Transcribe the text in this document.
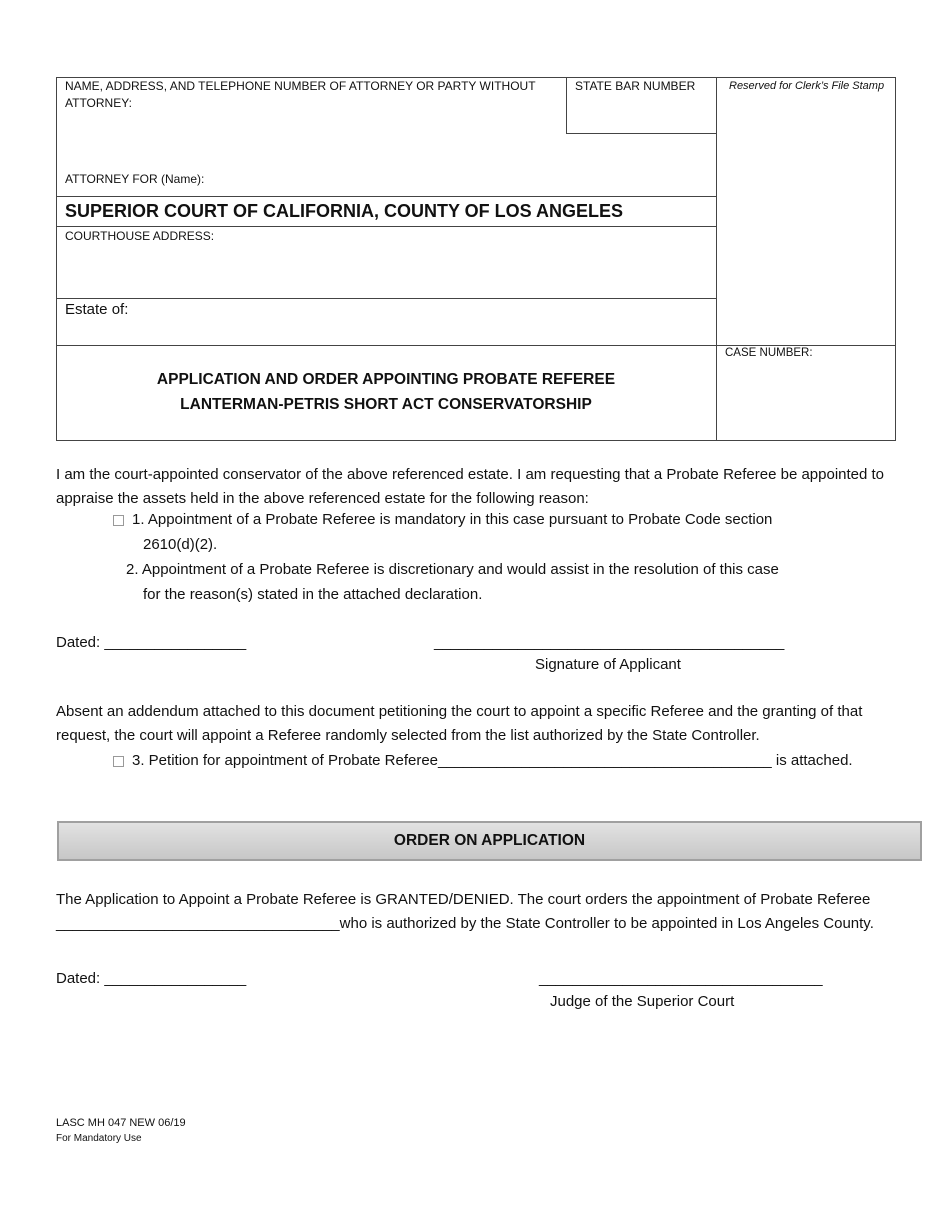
NAME, ADDRESS, AND TELEPHONE NUMBER OF ATTORNEY OR PARTY WITHOUT ATTORNEY:
STATE BAR NUMBER	Reserved for Clerk’s File Stamp
ATTORNEY FOR (Name):
SUPERIOR COURT OF CALIFORNIA, COUNTY OF LOS ANGELES
COURTHOUSE ADDRESS:
Estate of:
CASE NUMBER:
APPLICATION AND ORDER APPOINTING PROBATE REFEREE
LANTERMAN-PETRIS SHORT ACT CONSERVATORSHIP
I am the court-appointed conservator of the above referenced estate. I am requesting that a Probate Referee be appointed to appraise the assets held in the above referenced estate for the following reason:
1. Appointment of a Probate Referee is mandatory in this case pursuant to Probate Code section
2610(d)(2).
2. Appointment of a Probate Referee is discretionary and would assist in the resolution of this case
for the reason(s) stated in the attached declaration.
Dated: _________________	__________________________________________
Signature of Applicant
Absent an addendum attached to this document petitioning the court to appoint a specific Referee and the granting of that request, the court will appoint a Referee randomly selected from the list authorized by the State Controller.
3. Petition for appointment of Probate Referee________________________________________ is attached.
ORDER ON APPLICATION
The Application to Appoint a Probate Referee is GRANTED/DENIED. The court orders the appointment of Probate Referee
__________________________________who is authorized by the State Controller to be appointed in Los Angeles County.
Dated: _________________	__________________________________
Judge of the Superior Court
LASC MH 047 NEW 06/19
For Mandatory Use
